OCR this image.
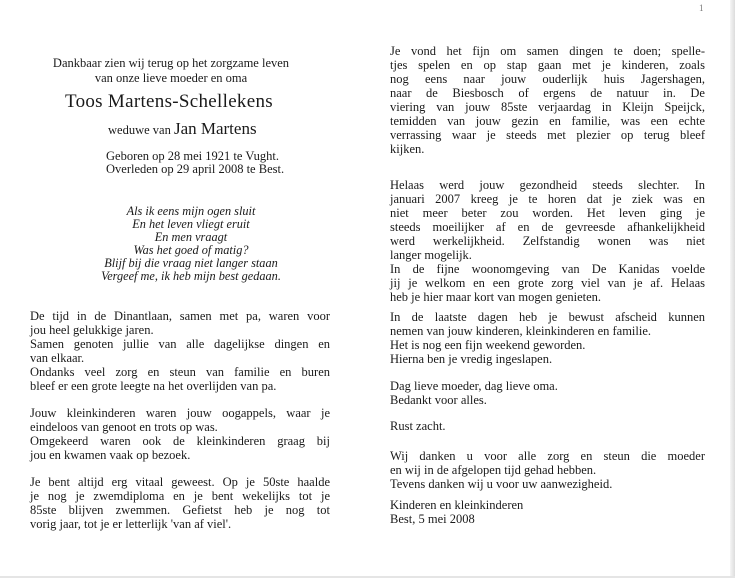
1
Dankbaar zien wij terug op het zorgzame leven
van onze lieve moeder en oma
Toos Martens-Schellekens
weduwe van Jan Martens
Geboren op 28 mei 1921 te Vught.
Overleden op 29 april 2008 te Best.
Als ik eens mijn ogen sluit
En het leven vliegt eruit
En men vraagt
Was het goed of matig?
Blijf bij die vraag niet langer staan
Vergeef me, ik heb mijn best gedaan.
De tijd in de Dinantlaan, samen met pa, waren voor
jou heel gelukkige jaren.
Samen genoten jullie van alle dagelijkse dingen en
van elkaar.
Ondanks veel zorg en steun van familie en buren
bleef er een grote leegte na het overlijden van pa.
Jouw kleinkinderen waren jouw oogappels, waar je
eindeloos van genoot en trots op was.
Omgekeerd waren ook de kleinkinderen graag bij
jou en kwamen vaak op bezoek.
Je bent altijd erg vitaal geweest. Op je 50ste haalde
je nog je zwemdiploma en je bent wekelijks tot je
85ste blijven zwemmen. Gefietst heb je nog tot
vorig jaar, tot je er letterlijk 'van af viel'.
Je vond het fijn om samen dingen te doen; spelle-
tjes spelen en op stap gaan met je kinderen, zoals
nog eens naar jouw ouderlijk huis Jagershagen,
naar de Biesbosch of ergens de natuur in. De
viering van jouw 85ste verjaardag in Kleijn Speijck,
temidden van jouw gezin en familie, was een echte
verrassing waar je steeds met plezier op terug bleef
kijken.
Helaas werd jouw gezondheid steeds slechter. In
januari 2007 kreeg je te horen dat je ziek was en
niet meer beter zou worden. Het leven ging je
steeds moeilijker af en de gevreesde afhankelijkheid
werd werkelijkheid. Zelfstandig wonen was niet
langer mogelijk.
In de fijne woonomgeving van De Kanidas voelde
jij je welkom en een grote zorg viel van je af. Helaas
heb je hier maar kort van mogen genieten.
In de laatste dagen heb je bewust afscheid kunnen
nemen van jouw kinderen, kleinkinderen en familie.
Het is nog een fijn weekend geworden.
Hierna ben je vredig ingeslapen.
Dag lieve moeder, dag lieve oma.
Bedankt voor alles.
Rust zacht.
Wij danken u voor alle zorg en steun die moeder
en wij in de afgelopen tijd gehad hebben.
Tevens danken wij u voor uw aanwezigheid.
Kinderen en kleinkinderen
Best, 5 mei 2008
